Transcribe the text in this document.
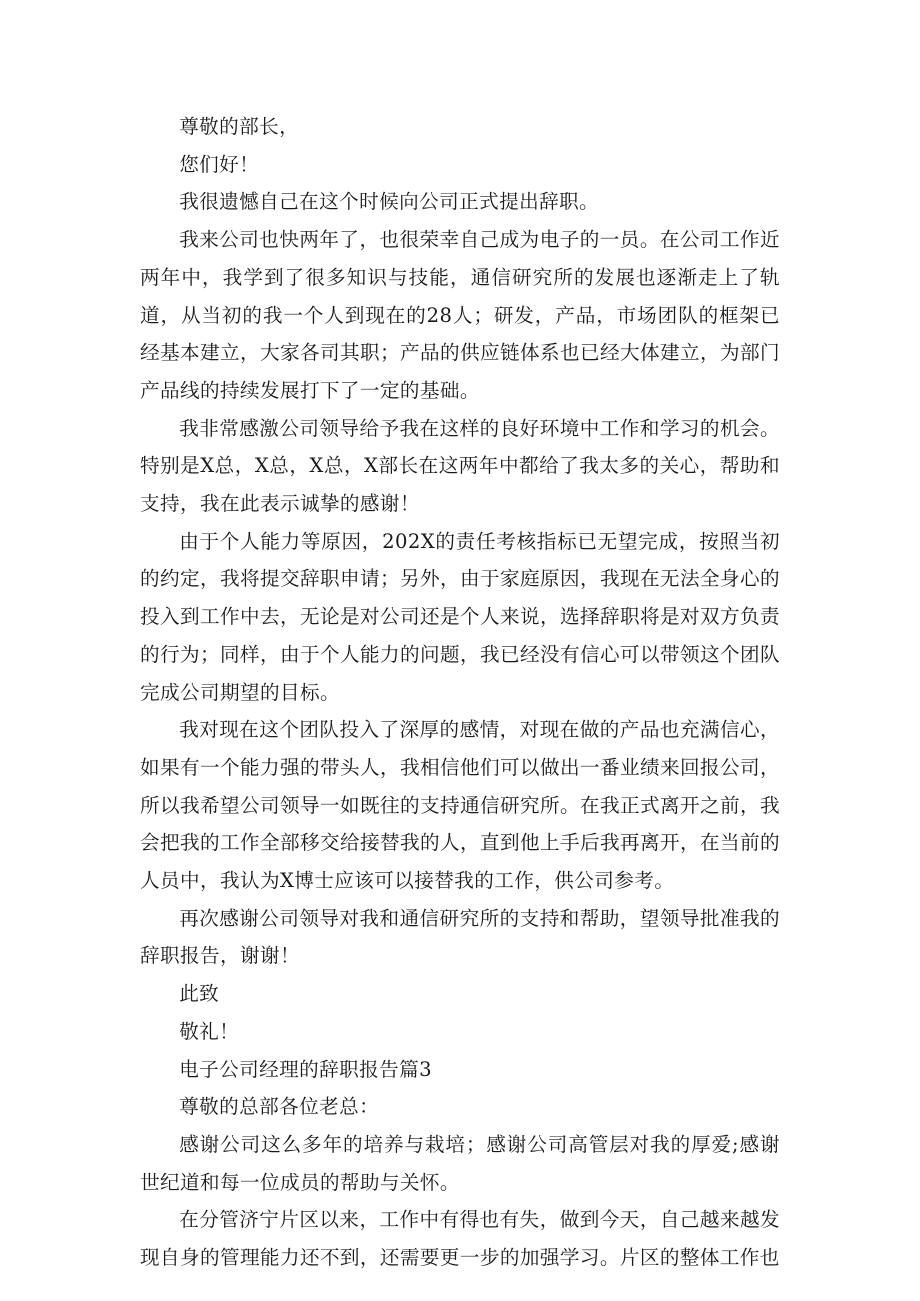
尊敬的部长，

您们好！

我很遗憾自己在这个时候向公司正式提出辞职。

我来公司也快两年了，也很荣幸自己成为电子的一员。在公司工作近两年中，我学到了很多知识与技能，通信研究所的发展也逐渐走上了轨道，从当初的我一个人到现在的28人；研发，产品，市场团队的框架已经基本建立，大家各司其职；产品的供应链体系也已经大体建立，为部门产品线的持续发展打下了一定的基础。

我非常感激公司领导给予我在这样的良好环境中工作和学习的机会。特别是X总，X总，X总，X部长在这两年中都给了我太多的关心，帮助和支持，我在此表示诚挚的感谢！

由于个人能力等原因，202X的责任考核指标已无望完成，按照当初的约定，我将提交辞职申请；另外，由于家庭原因，我现在无法全身心的投入到工作中去，无论是对公司还是个人来说，选择辞职将是对双方负责的行为；同样，由于个人能力的问题，我已经没有信心可以带领这个团队完成公司期望的目标。

我对现在这个团队投入了深厚的感情，对现在做的产品也充满信心，如果有一个能力强的带头人，我相信他们可以做出一番业绩来回报公司，所以我希望公司领导一如既往的支持通信研究所。在我正式离开之前，我会把我的工作全部移交给接替我的人，直到他上手后我再离开，在当前的人员中，我认为X博士应该可以接替我的工作，供公司参考。

再次感谢公司领导对我和通信研究所的支持和帮助，望领导批准我的辞职报告，谢谢！

此致

敬礼！

电子公司经理的辞职报告篇3

尊敬的总部各位老总：

感谢公司这么多年的培养与栽培；感谢公司高管层对我的厚爱;感谢世纪道和每一位成员的帮助与关怀。

在分管济宁片区以来，工作中有得也有失，做到今天，自己越来越发现自身的管理能力还不到，还需要更一步的加强学习。片区的整体工作也
